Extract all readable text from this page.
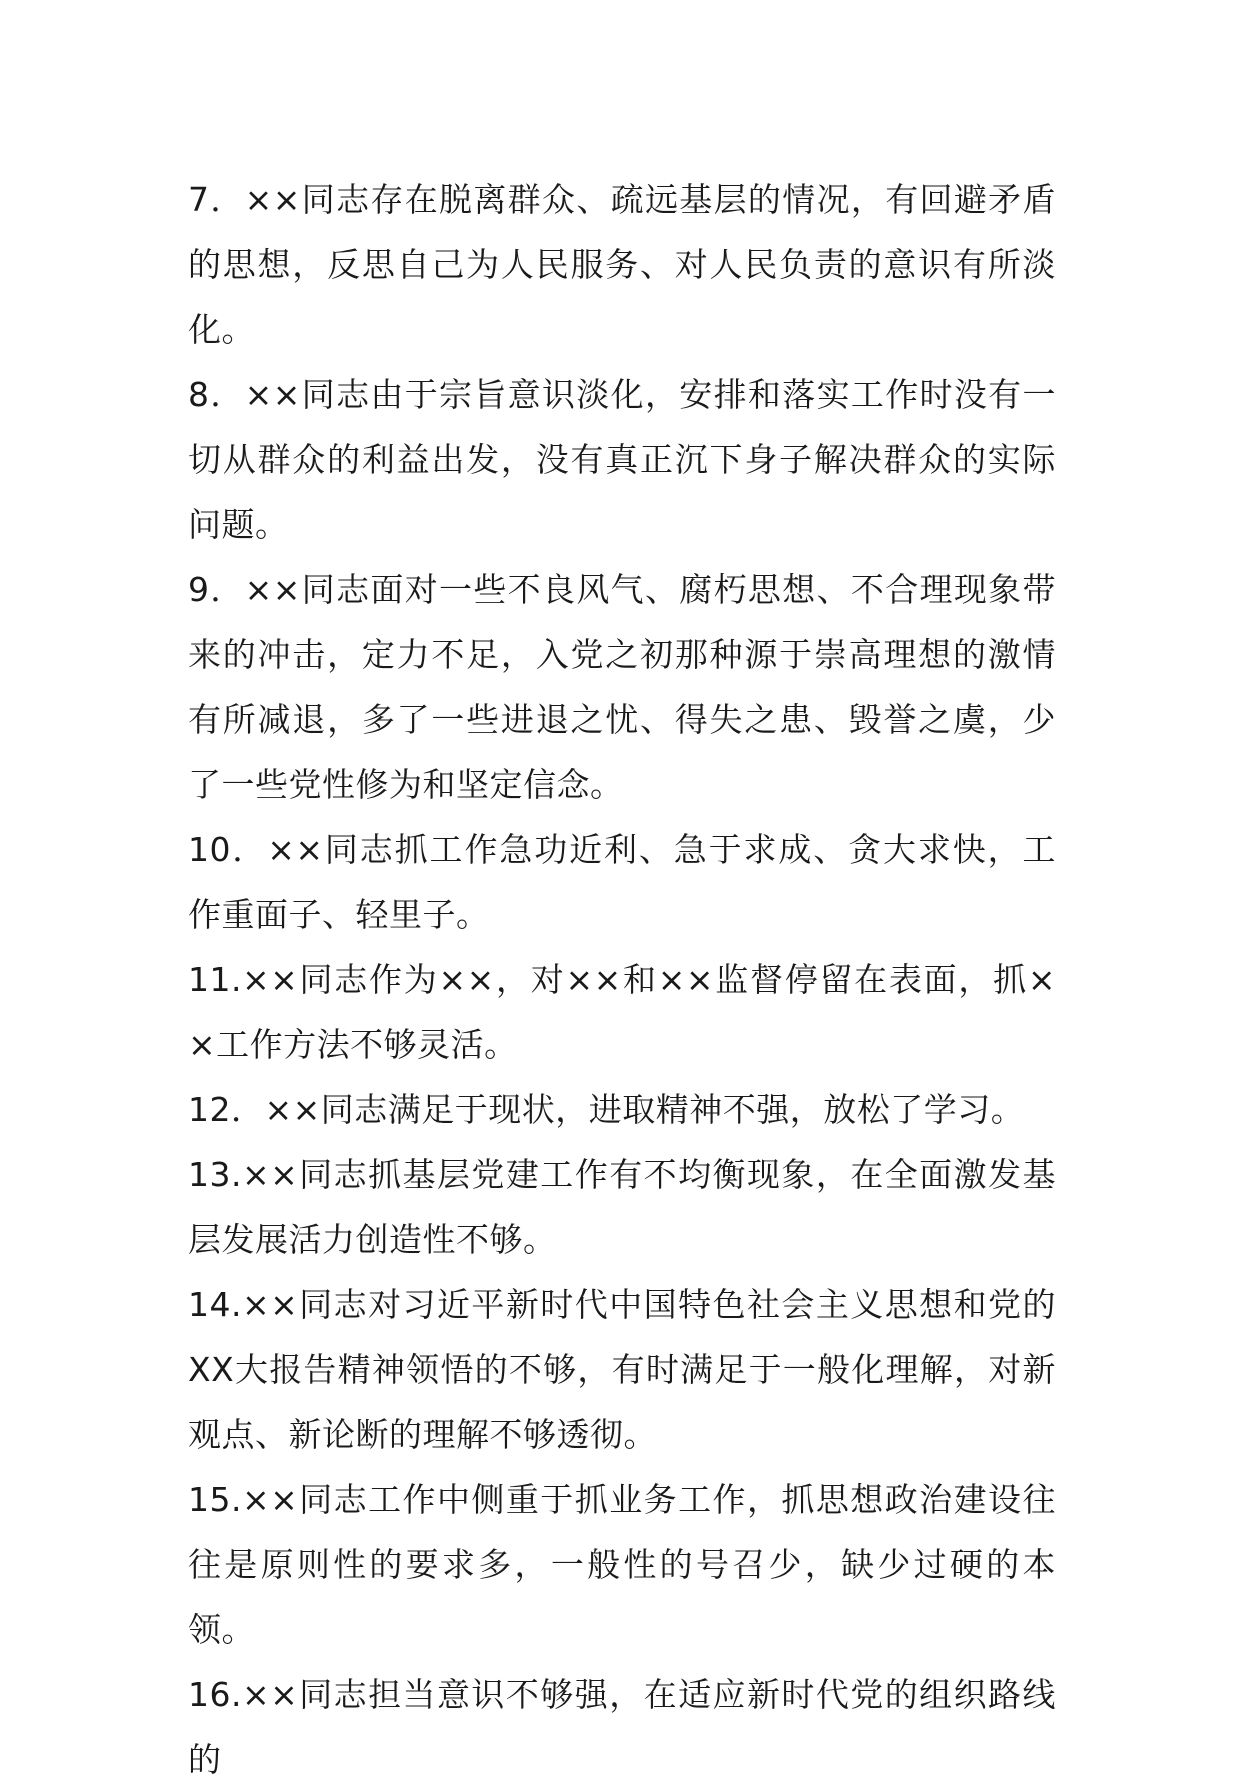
7．××同志存在脱离群众、疏远基层的情况，有回避矛盾的思想，反思自己为人民服务、对人民负责的意识有所淡化。

8．××同志由于宗旨意识淡化，安排和落实工作时没有一切从群众的利益出发，没有真正沉下身子解决群众的实际问题。

9．××同志面对一些不良风气、腐朽思想、不合理现象带来的冲击，定力不足，入党之初那种源于崇高理想的激情有所减退，多了一些进退之忧、得失之患、毁誉之虞，少了一些党性修为和坚定信念。

10．××同志抓工作急功近利、急于求成、贪大求快，工作重面子、轻里子。

11.××同志作为××，对××和××监督停留在表面，抓××工作方法不够灵活。

12．××同志满足于现状，进取精神不强，放松了学习。

13.××同志抓基层党建工作有不均衡现象，在全面激发基层发展活力创造性不够。

14.××同志对习近平新时代中国特色社会主义思想和党的XX大报告精神领悟的不够，有时满足于一般化理解，对新观点、新论断的理解不够透彻。

15.××同志工作中侧重于抓业务工作，抓思想政治建设往往是原则性的要求多，一般性的号召少，缺少过硬的本领。

16.××同志担当意识不够强，在适应新时代党的组织路线的
